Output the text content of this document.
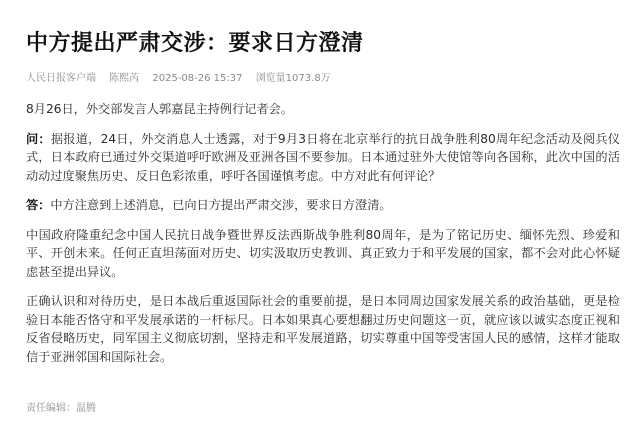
中方提出严肃交涉：要求日方澄清
人民日报客户端 陈熙芮 2025-08-26 15:37 浏览量1073.8万

8月26日，外交部发言人郭嘉昆主持例行记者会。

问：据报道，24日，外交消息人士透露，对于9月3日将在北京举行的抗日战争胜利80周年纪念活动及阅兵仪式，日本政府已通过外交渠道呼吁欧洲及亚洲各国不要参加。日本通过驻外大使馆等向各国称，此次中国的活动动过度聚焦历史、反日色彩浓重，呼吁各国谨慎考虑。中方对此有何评论？

答：中方注意到上述消息，已向日方提出严肃交涉，要求日方澄清。

中国政府隆重纪念中国人民抗日战争暨世界反法西斯战争胜利80周年，是为了铭记历史、缅怀先烈、珍爱和平、开创未来。任何正直坦荡面对历史、切实汲取历史教训、真正致力于和平发展的国家，都不会对此心怀疑虑甚至提出异议。

正确认识和对待历史，是日本战后重返国际社会的重要前提，是日本同周边国家发展关系的政治基础，更是检验日本能否恪守和平发展承诺的一杆标尺。日本如果真心要想翻过历史问题这一页，就应该以诚实态度正视和反省侵略历史，同军国主义彻底切割，坚持走和平发展道路，切实尊重中国等受害国人民的感情，这样才能取信于亚洲邻国和国际社会。

责任编辑：温腾
